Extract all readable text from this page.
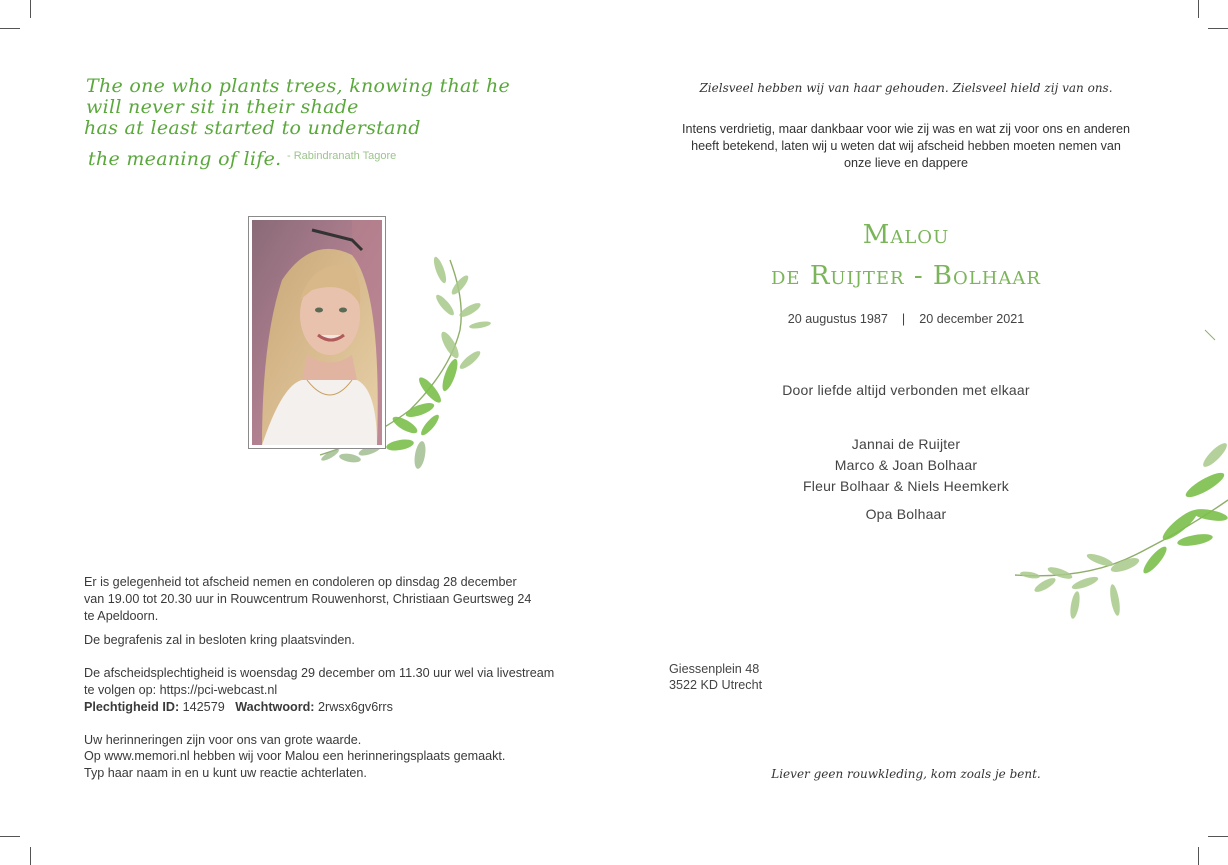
The one who plants trees, knowing that he
will never sit in their shade
has at least started to understand
the meaning of life. - Rabindranath Tagore

Er is gelegenheid tot afscheid nemen en condoleren op dinsdag 28 december

van 19.00 tot 20.30 uur in Rouwcentrum Rouwenhorst, Christiaan Geurtsweg 24

te Apeldoorn.

De begrafenis zal in besloten kring plaatsvinden.

De afscheidsplechtigheid is woensdag 29 december om 11.30 uur wel via livestream

te volgen op: https://pci-webcast.nl

Plechtigheid ID: 142579 Wachtwoord: 2rwsx6gv6rrs

Uw herinneringen zijn voor ons van grote waarde.

Op www.memori.nl hebben wij voor Malou een herinneringsplaats gemaakt.

Typ haar naam in en u kunt uw reactie achterlaten.

Zielsveel hebben wij van haar gehouden. Zielsveel hield zij van ons.
Intens verdrietig, maar dankbaar voor wie zij was en wat zij voor ons en anderen
heeft betekend, laten wij u weten dat wij afscheid hebben moeten nemen van
onze lieve en dappere
Malou
de Ruijter - Bolhaar
20 augustus 1987 | 20 december 2021
Door liefde altijd verbonden met elkaar
Jannai de Ruijter
Marco & Joan Bolhaar
Fleur Bolhaar & Niels Heemkerk
Opa Bolhaar
Giessenplein 48
3522 KD Utrecht
Liever geen rouwkleding, kom zoals je bent.
